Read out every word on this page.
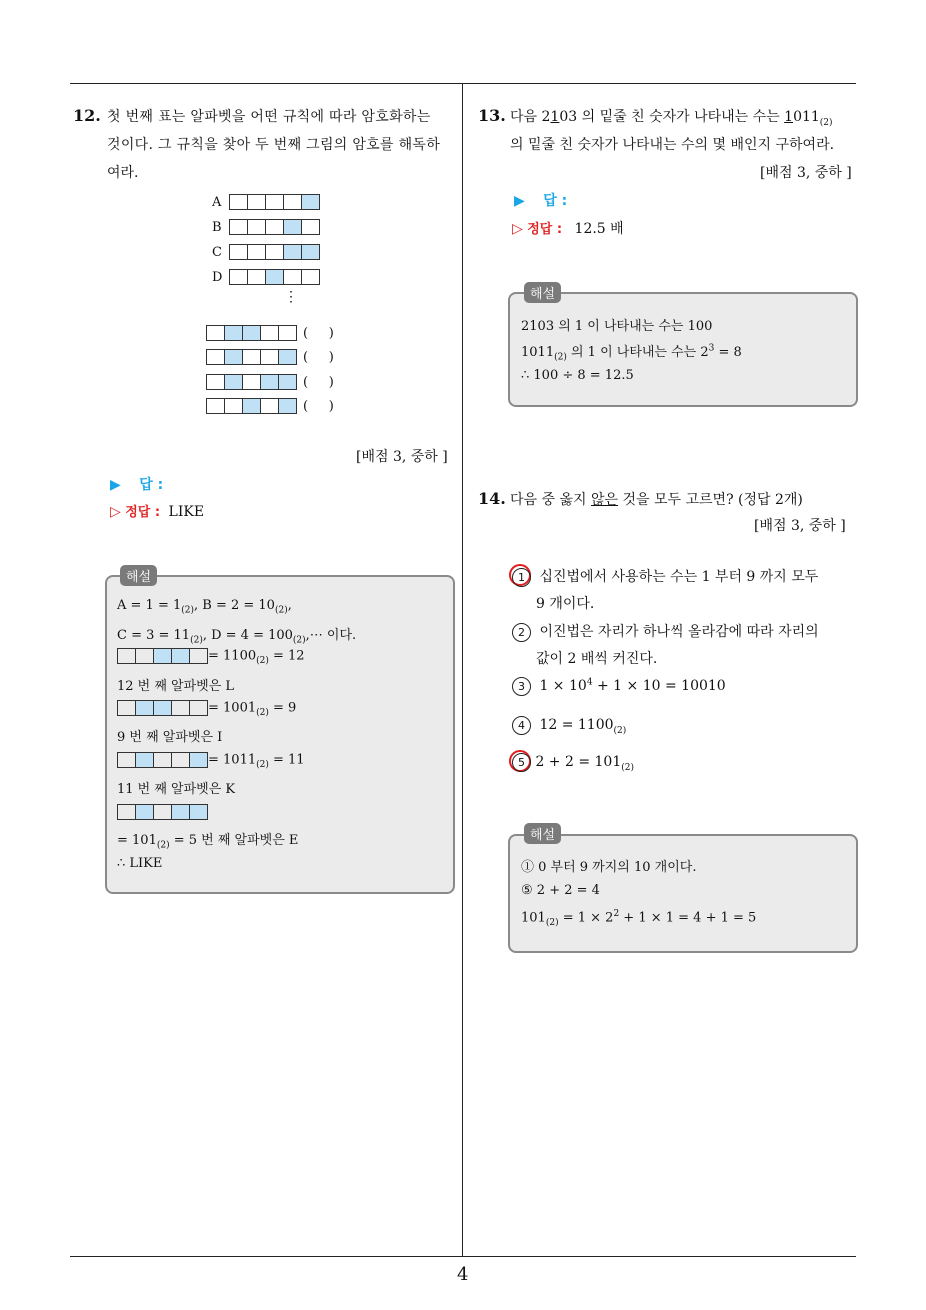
4
12. 첫 번째 표는 알파벳을 어떤 규칙에 따라 암호화하는
것이다. 그 규칙을 찾아 두 번째 그림의 암호를 해독하
여라.
A
B
C
D
⋮
(     )
(     )
(     )
(     )
[배점 3, 중하 ]
▶ 답 :
▷ 정답 : LIKE
해설
$A = 1 = 1_{(2)}$, $B = 2 = 10_{(2)}$,
$C = 3 = 11_{(2)}$, $D = 4 = 100_{(2)},\cdots$ 이다.
= $1100_{(2)} = 12$
12 번 째 알파벳은 L
= $1001_{(2)} = 9$
9 번 째 알파벳은 I
= $1011_{(2)} = 11$
11 번 째 알파벳은 K
= $101_{(2)} = 5$ 번 째 알파벳은 E
∴ LIKE
13. 다음 2103 의 밑줄 친 숫자가 나타내는 수는 $1011_{(2)}$
의 밑줄 친 숫자가 나타내는 수의 몇 배인지 구하여라.
[배점 3, 중하 ]
▶ 답 :
▷ 정답 : 12.5 배
해설
2103 의 1 이 나타내는 수는 100
$1011_{(2)}$ 의 1 이 나타내는 수는 $2^3 = 8$
∴ 100 ÷ 8 = 12.5
14. 다음 중 옳지 않은 것을 모두 고르면? (정답 2개)
[배점 3, 중하 ]
1 십진법에서 사용하는 수는 1 부터 9 까지 모두
9 개이다.
2 이진법은 자리가 하나씩 올라감에 따라 자리의
값이 2 배씩 커진다.
3 $1 \times 10^4 + 1 \times 10 = 10010$
4 $12 = 1100_{(2)}$
5 $2 + 2 = 101_{(2)}$
해설
① 0 부터 9 까지의 10 개이다.
⑤ 2 + 2 = 4
$101_{(2)} = 1 \times 2^2 + 1 \times 1 = 4 + 1 = 5$
